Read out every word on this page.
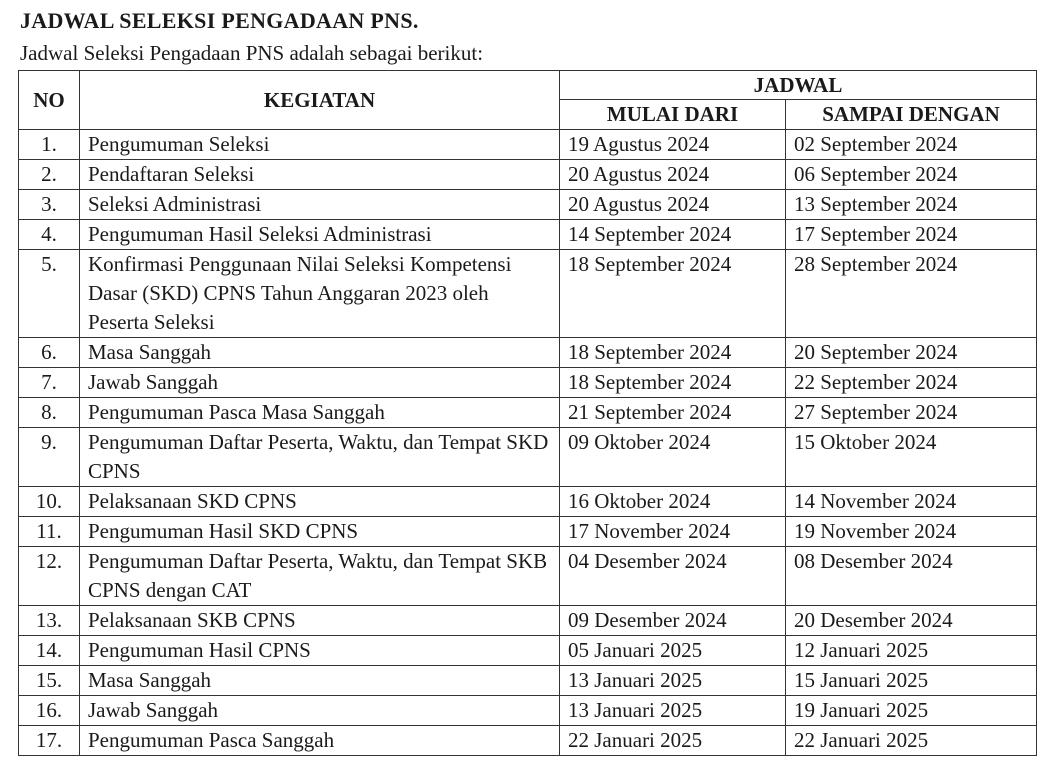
JADWAL SELEKSI PENGADAAN PNS.
Jadwal Seleksi Pengadaan PNS adalah sebagai berikut:
NO	KEGIATAN	JADWAL	
		MULAI DARI	SAMPAI DENGAN
1.	Pengumuman Seleksi	19 Agustus 2024	02 September 2024
2.	Pendaftaran Seleksi	20 Agustus 2024	06 September 2024
3.	Seleksi Administrasi	20 Agustus 2024	13 September 2024
4.	Pengumuman Hasil Seleksi Administrasi	14 September 2024	17 September 2024
5.	Konfirmasi Penggunaan Nilai Seleksi Kompetensi Dasar (SKD) CPNS Tahun Anggaran 2023 oleh Peserta Seleksi	18 September 2024	28 September 2024
6.	Masa Sanggah	18 September 2024	20 September 2024
7.	Jawab Sanggah	18 September 2024	22 September 2024
8.	Pengumuman Pasca Masa Sanggah	21 September 2024	27 September 2024
9.	Pengumuman Daftar Peserta, Waktu, dan Tempat SKD CPNS	09 Oktober 2024	15 Oktober 2024
10.	Pelaksanaan SKD CPNS	16 Oktober 2024	14 November 2024
11.	Pengumuman Hasil SKD CPNS	17 November 2024	19 November 2024
12.	Pengumuman Daftar Peserta, Waktu, dan Tempat SKB CPNS dengan CAT	04 Desember 2024	08 Desember 2024
13.	Pelaksanaan SKB CPNS	09 Desember 2024	20 Desember 2024
14.	Pengumuman Hasil CPNS	05 Januari 2025	12 Januari 2025
15.	Masa Sanggah	13 Januari 2025	15 Januari 2025
16.	Jawab Sanggah	13 Januari 2025	19 Januari 2025
17.	Pengumuman Pasca Sanggah	22 Januari 2025	22 Januari 2025
